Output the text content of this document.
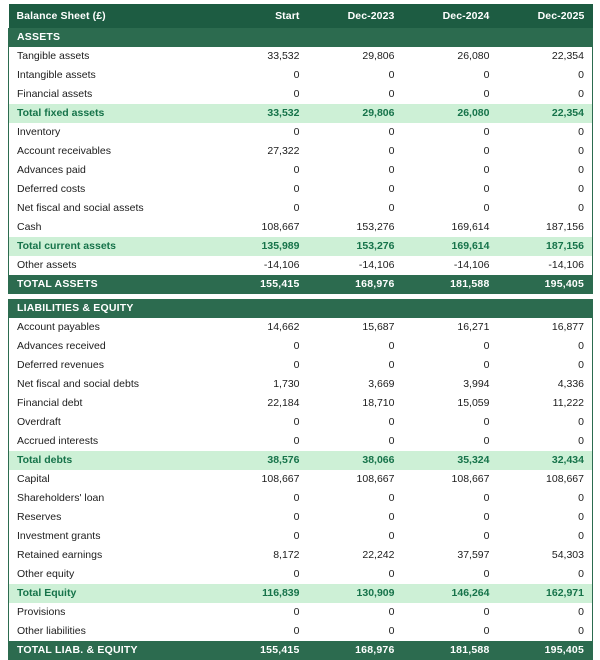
Balance Sheet (£)	Start	Dec-2023	Dec-2024	Dec-2025
ASSETS				
Tangible assets	33,532	29,806	26,080	22,354
Intangible assets	0	0	0	0
Financial assets	0	0	0	0
Total fixed assets	33,532	29,806	26,080	22,354
Inventory	0	0	0	0
Account receivables	27,322	0	0	0
Advances paid	0	0	0	0
Deferred costs	0	0	0	0
Net fiscal and social assets	0	0	0	0
Cash	108,667	153,276	169,614	187,156
Total current assets	135,989	153,276	169,614	187,156
Other assets	-14,106	-14,106	-14,106	-14,106
TOTAL ASSETS	155,415	168,976	181,588	195,405

LIABILITIES & EQUITY				
Account payables	14,662	15,687	16,271	16,877
Advances received	0	0	0	0
Deferred revenues	0	0	0	0
Net fiscal and social debts	1,730	3,669	3,994	4,336
Financial debt	22,184	18,710	15,059	11,222
Overdraft	0	0	0	0
Accrued interests	0	0	0	0
Total debts	38,576	38,066	35,324	32,434
Capital	108,667	108,667	108,667	108,667
Shareholders' loan	0	0	0	0
Reserves	0	0	0	0
Investment grants	0	0	0	0
Retained earnings	8,172	22,242	37,597	54,303
Other equity	0	0	0	0
Total Equity	116,839	130,909	146,264	162,971
Provisions	0	0	0	0
Other liabilities	0	0	0	0
TOTAL LIAB. & EQUITY	155,415	168,976	181,588	195,405
